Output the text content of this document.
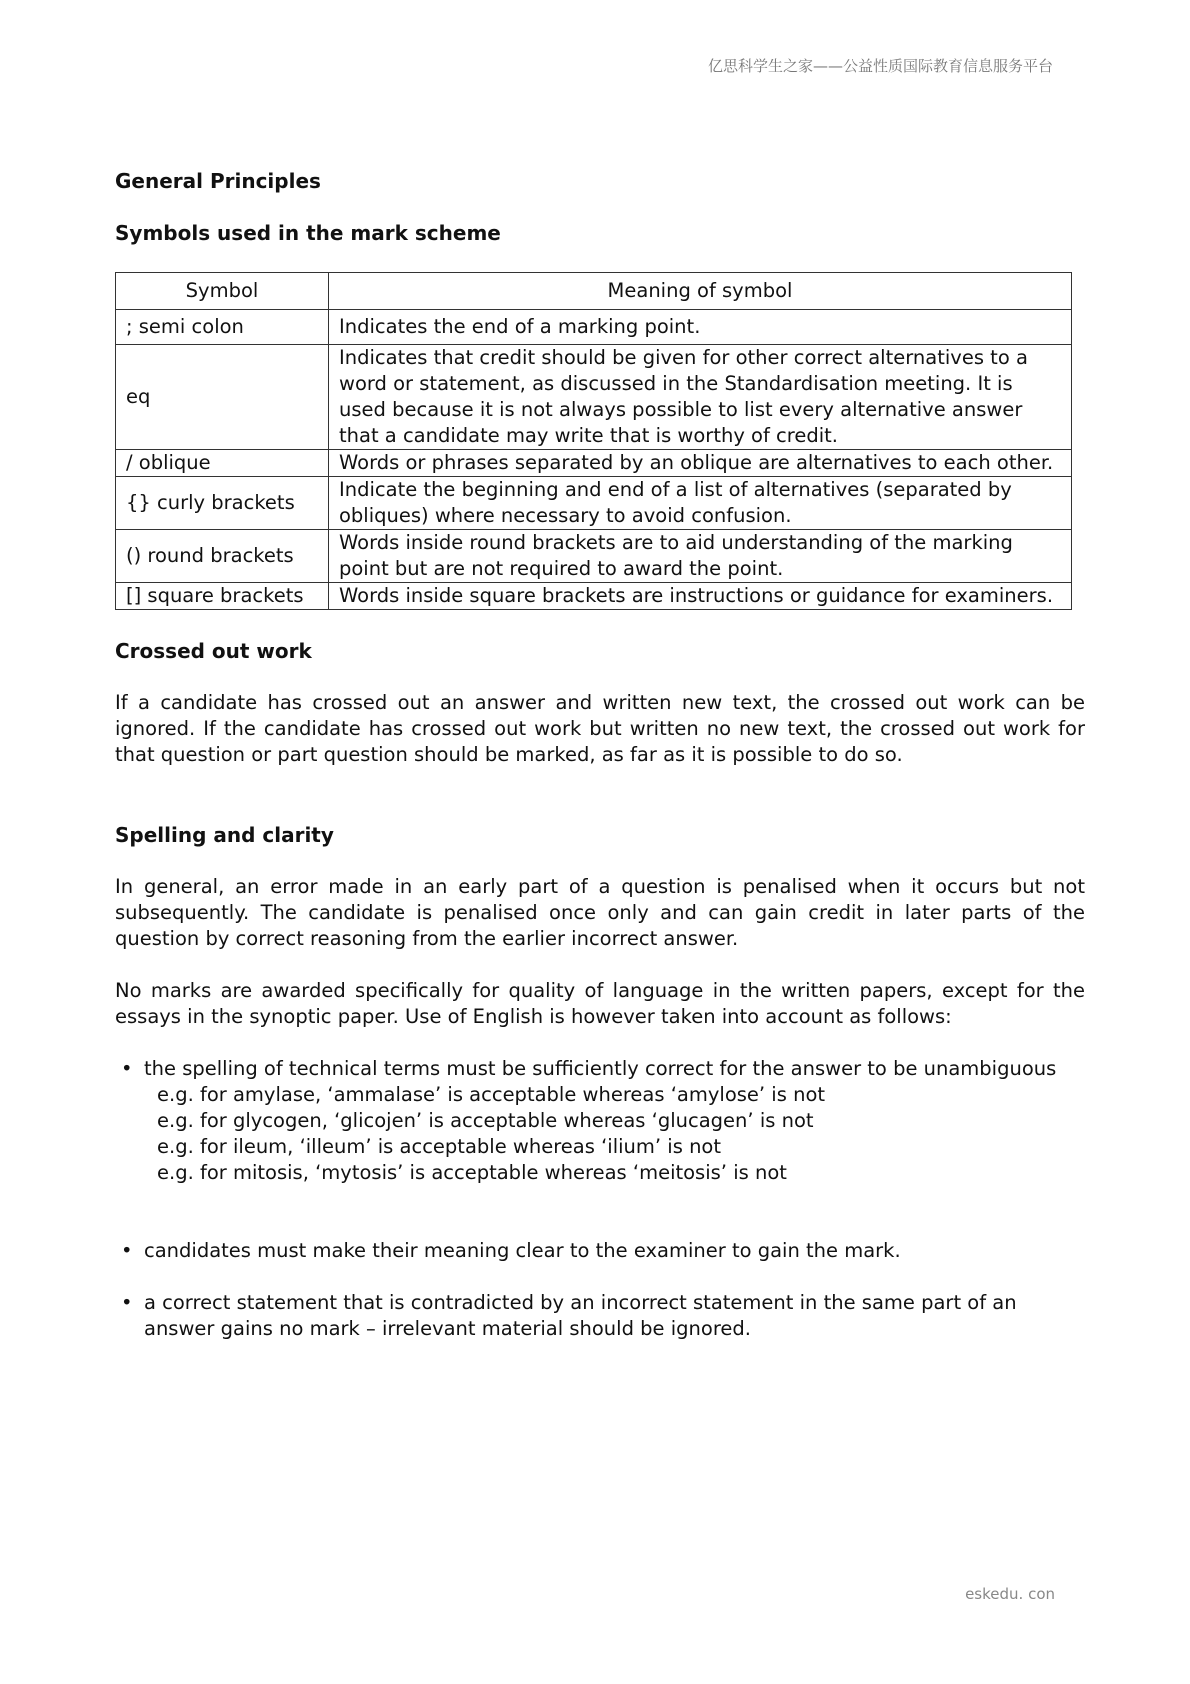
亿思科学生之家——公益性质国际教育信息服务平台
General Principles
Symbols used in the mark scheme
Symbol	Meaning of symbol
; semi colon	Indicates the end of a marking point.
eq	Indicates that credit should be given for other correct alternatives to a word or statement, as discussed in the Standardisation meeting. It is used because it is not always possible to list every alternative answer that a candidate may write that is worthy of credit.
/ oblique	Words or phrases separated by an oblique are alternatives to each other.
{} curly brackets	Indicate the beginning and end of a list of alternatives (separated by obliques) where necessary to avoid confusion.
() round brackets	Words inside round brackets are to aid understanding of the marking point but are not required to award the point.
[] square brackets	Words inside square brackets are instructions or guidance for examiners.
Crossed out work

If a candidate has crossed out an answer and written new text, the crossed out work can be ignored. If the candidate has crossed out work but written no new text, the crossed out work for that question or part question should be marked, as far as it is possible to do so.

Spelling and clarity

In general, an error made in an early part of a question is penalised when it occurs but not subsequently. The candidate is penalised once only and can gain credit in later parts of the question by correct reasoning from the earlier incorrect answer.

No marks are awarded specifically for quality of language in the written papers, except for the essays in the synoptic paper. Use of English is however taken into account as follows:

• the spelling of technical terms must be sufficiently correct for the answer to be unambiguous
e.g. for amylase, ‘ammalase’ is acceptable whereas ‘amylose’ is not
e.g. for glycogen, ‘glicojen’ is acceptable whereas ‘glucagen’ is not
e.g. for ileum, ‘illeum’ is acceptable whereas ‘ilium’ is not
e.g. for mitosis, ‘mytosis’ is acceptable whereas ‘meitosis’ is not
• candidates must make their meaning clear to the examiner to gain the mark.
• a correct statement that is contradicted by an incorrect statement in the same part of an answer gains no mark – irrelevant material should be ignored.
eskedu. con
